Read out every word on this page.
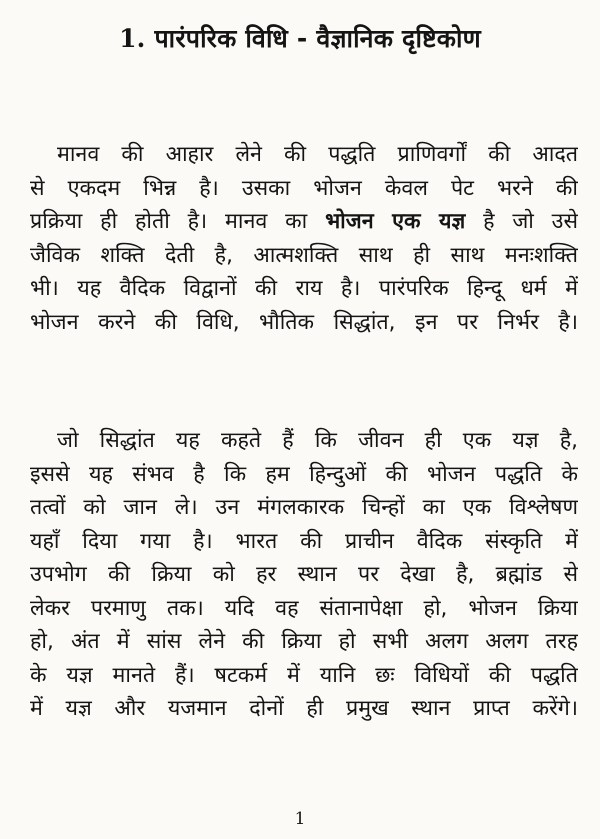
1. पारंपरिक विधि - वैज्ञानिक दृष्टिकोण
मानव की आहार लेने की पद्धति प्राणिवर्गों की आदत
से एकदम भिन्न है। उसका भोजन केवल पेट भरने की
प्रक्रिया ही होती है। मानव का भोजन एक यज्ञ है जो उसे
जैविक शक्ति देती है, आत्मशक्ति साथ ही साथ मनःशक्ति
भी। यह वैदिक विद्वानों की राय है। पारंपरिक हिन्दू धर्म में
भोजन करने की विधि, भौतिक सिद्धांत, इन पर निर्भर है।
जो सिद्धांत यह कहते हैं कि जीवन ही एक यज्ञ है,
इससे यह संभव है कि हम हिन्दुओं की भोजन पद्धति के
तत्वों को जान ले। उन मंगलकारक चिन्हों का एक विश्लेषण
यहाँ दिया गया है। भारत की प्राचीन वैदिक संस्कृति में
उपभोग की क्रिया को हर स्थान पर देखा है, ब्रह्मांड से
लेकर परमाणु तक। यदि वह संतानापेक्षा हो, भोजन क्रिया
हो, अंत में सांस लेने की क्रिया हो सभी अलग अलग तरह
के यज्ञ मानते हैं। षटकर्म में यानि छः विधियों की पद्धति
में यज्ञ और यजमान दोनों ही प्रमुख स्थान प्राप्त करेंगे।
1
